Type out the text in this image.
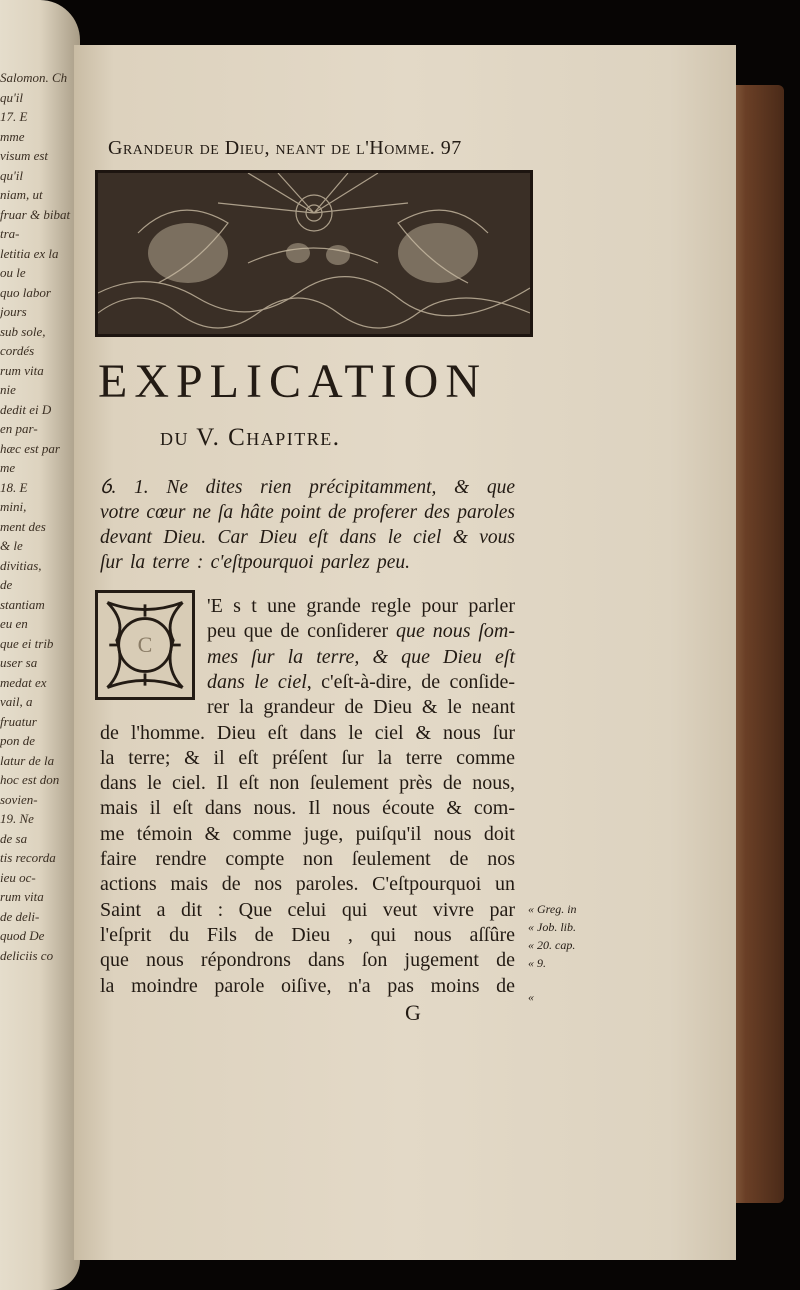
Salomon. Ch
qu'il
17. E
mme
visum est
qu'il
niam, ut
fruar & bibat
tra-
letitia ex la
ou le
quo labor
jours
sub sole,
cordés
rum vita
nie
dedit ei D
en par-
hæc est par
me
18. E
mini,
ment des
& le
divitias,
de
stantiam
eu en
que ei trib
user sa
medat ex
vail, a
fruatur
pon de
latur de la
hoc est don
sovien-
19. Ne
de sa
tis recorda
ieu oc-
rum vita
de deli-
quod De
deliciis co
Grandeur de Dieu, neant de l'Homme. 97
EXPLICATION
du V. Chapitre.
ỽ. 1. Ne dites rien précipitamment, & que
votre cœur ne ſa hâte point de proferer des paroles
devant Dieu. Car Dieu eſt dans le ciel & vous
ſur la terre : c'eſtpourquoi parlez peu.
C
'E s t une grande regle pour parler
peu que de conſiderer que nous ſom-
mes ſur la terre, & que Dieu eſt
dans le ciel, c'eſt-à-dire, de conſide-
rer la grandeur de Dieu & le neant
de l'homme. Dieu eſt dans le ciel & nous ſur
la terre; & il eſt préſent ſur la terre comme
dans le ciel. Il eſt non ſeulement près de nous,
mais il eſt dans nous. Il nous écoute & com-
me témoin & comme juge, puiſqu'il nous doit
faire rendre compte non ſeulement de nos
actions mais de nos paroles. C'eſtpourquoi un
Saint a dit : Que celui qui veut vivre par
l'eſprit du Fils de Dieu , qui nous aſſûre
que nous répondrons dans ſon jugement de
la moindre parole oiſive, n'a pas moins de
« Greg. in
« Job. lib.
« 20. cap.
« 9.
«
G
